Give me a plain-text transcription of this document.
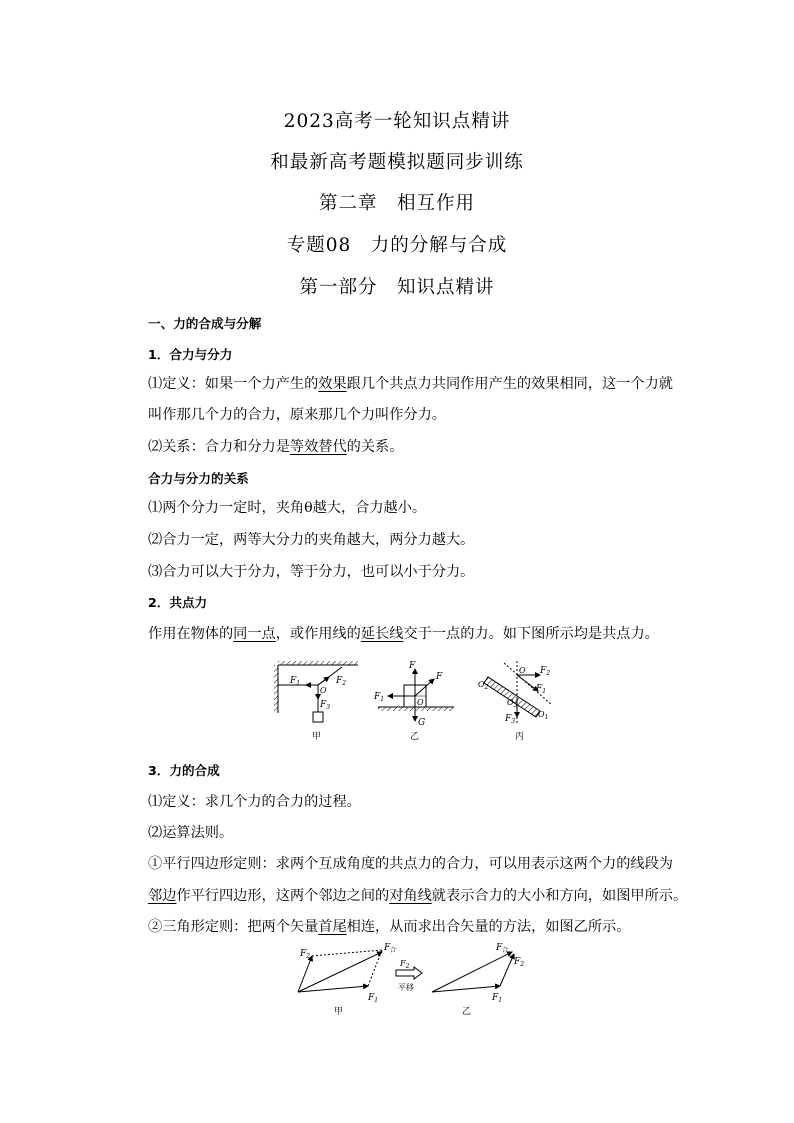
2023高考一轮知识点精讲
和最新高考题模拟题同步训练
第二章　相互作用
专题08　力的分解与合成
第一部分　知识点精讲
一、力的合成与分解
1．合力与分力
⑴定义：如果一个力产生的效果跟几个共点力共同作用产生的效果相同，这一个力就
叫作那几个力的合力，原来那几个力叫作分力。
⑵关系：合力和分力是等效替代的关系。
合力与分力的关系
⑴两个分力一定时，夹角θ越大，合力越小。
⑵合力一定，两等大分力的夹角越大，两分力越大。
⑶合力可以大于分力，等于分力，也可以小于分力。
2．共点力
作用在物体的同一点，或作用线的延长线交于一点的力。如下图所示均是共点力。
$F_1$	$F_2$
O
$F_3$
甲
F
F
$F_1$	O
G
乙
O $F_2$
$F_1$
$O_2$
$O_3$
$O_1$
$F_3$
丙
3．力的合成
⑴定义：求几个力的合力的过程。
⑵运算法则。
①平行四边形定则：求两个互成角度的共点力的合力，可以用表示这两个力的线段为
邻边作平行四边形，这两个邻边之间的对角线就表示合力的大小和方向，如图甲所示。
②三角形定则：把两个矢量首尾相连，从而求出合矢量的方法，如图乙所示。
$F_2$
$F_合$
$F_1$
甲
$F_2$
平移
$F_合$
$F_2$
$F_1$
乙
